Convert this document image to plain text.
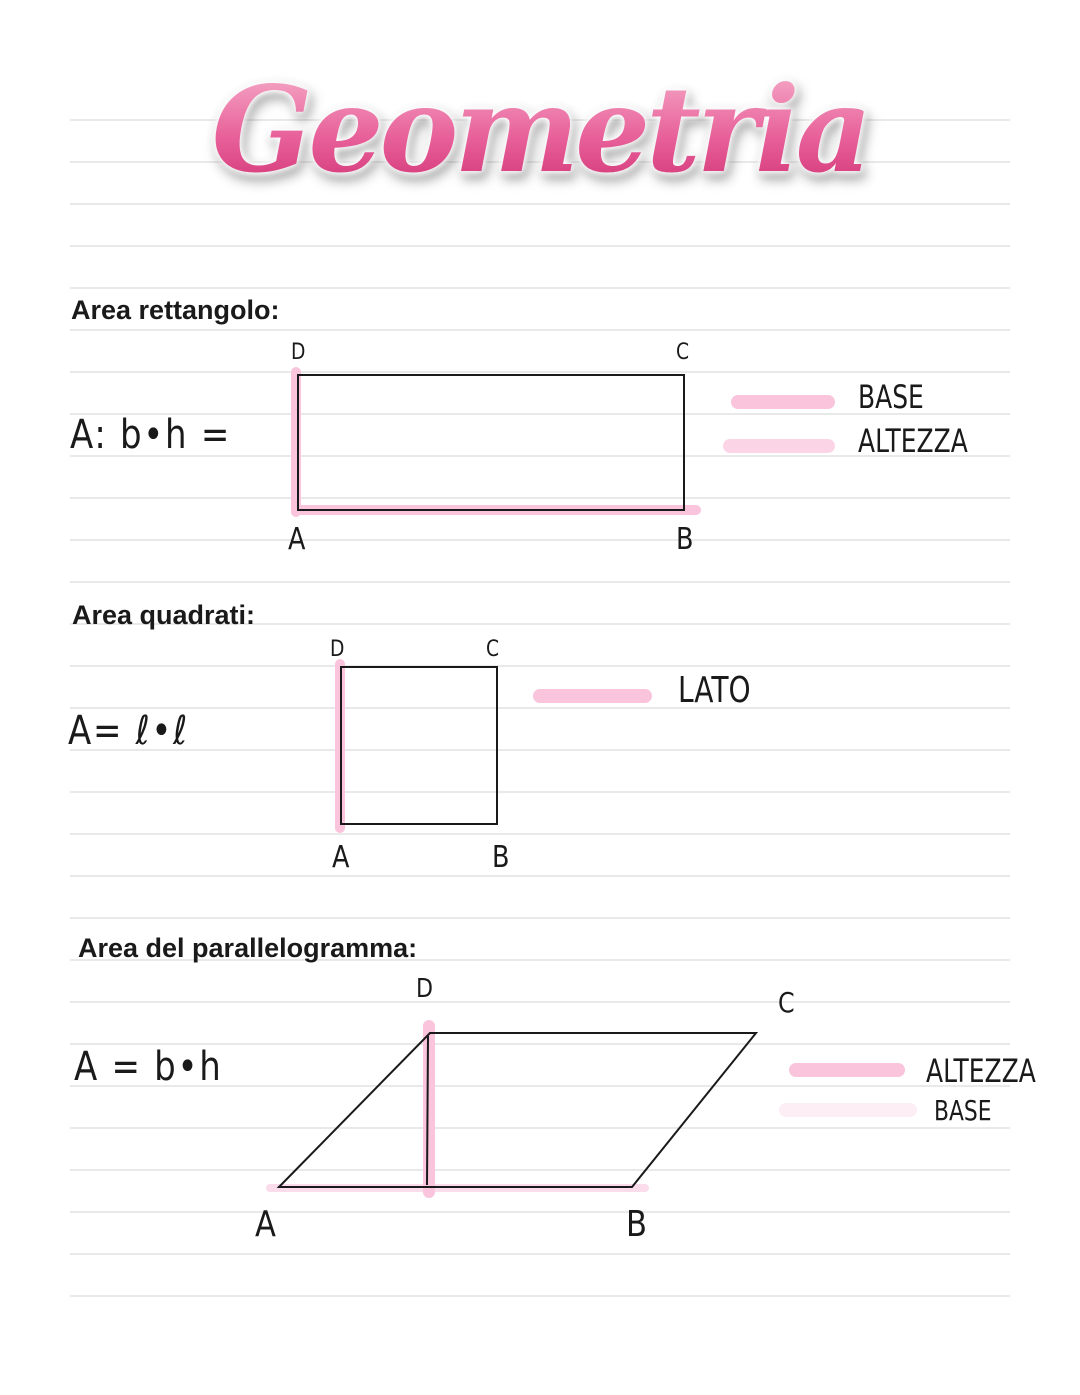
Geometria
Area rettangolo:
A: b•h =
D	C
A	B
BASE
ALTEZZA
Area quadrati:
A= ℓ•ℓ
D	C
A	B
LATO
Area del parallelogramma:
A = b•h
D	C
A	B
ALTEZZA
BASE
